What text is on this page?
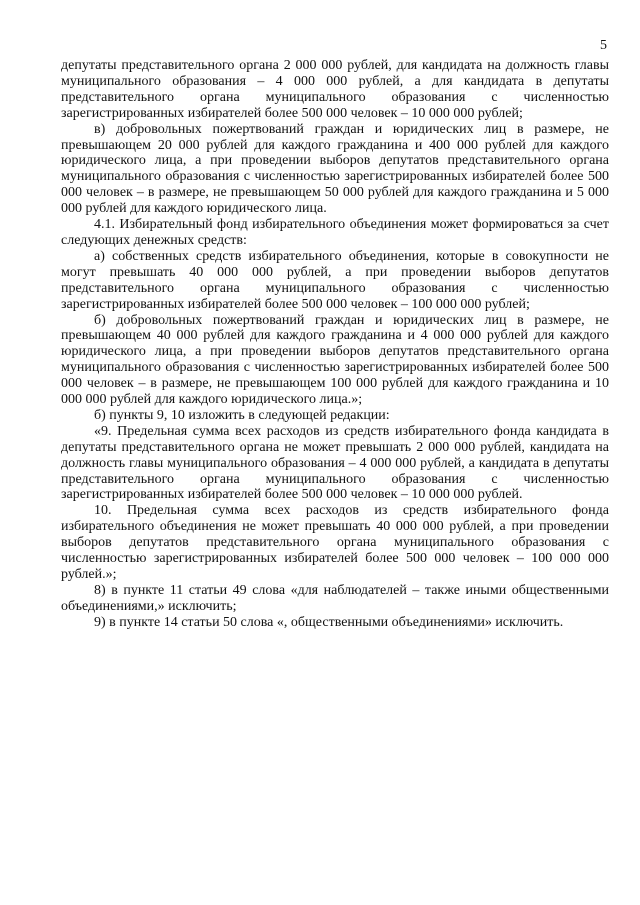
5

депутаты представительного органа 2 000 000 рублей, для кандидата на должность главы муниципального образования – 4 000 000 рублей, а для кандидата в депутаты представительного органа муниципального образования с численностью зарегистрированных избирателей более 500 000 человек – 10 000 000 рублей;

в) добровольных пожертвований граждан и юридических лиц в размере, не превышающем 20 000 рублей для каждого гражданина и 400 000 рублей для каждого юридического лица, а при проведении выборов депутатов представительного органа муниципального образования с численностью зарегистрированных избирателей более 500 000 человек – в размере, не превышающем 50 000 рублей для каждого гражданина и 5 000 000 рублей для каждого юридического лица.

4.1. Избирательный фонд избирательного объединения может формироваться за счет следующих денежных средств:

а) собственных средств избирательного объединения, которые в совокупности не могут превышать 40 000 000 рублей, а при проведении выборов депутатов представительного органа муниципального образования с численностью зарегистрированных избирателей более 500 000 человек – 100 000 000 рублей;

б) добровольных пожертвований граждан и юридических лиц в размере, не превышающем 40 000 рублей для каждого гражданина и 4 000 000 рублей для каждого юридического лица, а при проведении выборов депутатов представительного органа муниципального образования с численностью зарегистрированных избирателей более 500 000 человек – в размере, не превышающем 100 000 рублей для каждого гражданина и 10 000 000 рублей для каждого юридического лица.»;

б) пункты 9, 10 изложить в следующей редакции:

«9. Предельная сумма всех расходов из средств избирательного фонда кандидата в депутаты представительного органа не может превышать 2 000 000 рублей, кандидата на должность главы муниципального образования – 4 000 000 рублей, а кандидата в депутаты представительного органа муниципального образования с численностью зарегистрированных избирателей более 500 000 человек – 10 000 000 рублей.

10. Предельная сумма всех расходов из средств избирательного фонда избирательного объединения не может превышать 40 000 000 рублей, а при проведении выборов депутатов представительного органа муниципального образования с численностью зарегистрированных избирателей более 500 000 человек – 100 000 000 рублей.»;

8) в пункте 11 статьи 49 слова «для наблюдателей – также иными общественными объединениями,» исключить;

9) в пункте 14 статьи 50 слова «, общественными объединениями» исключить.
